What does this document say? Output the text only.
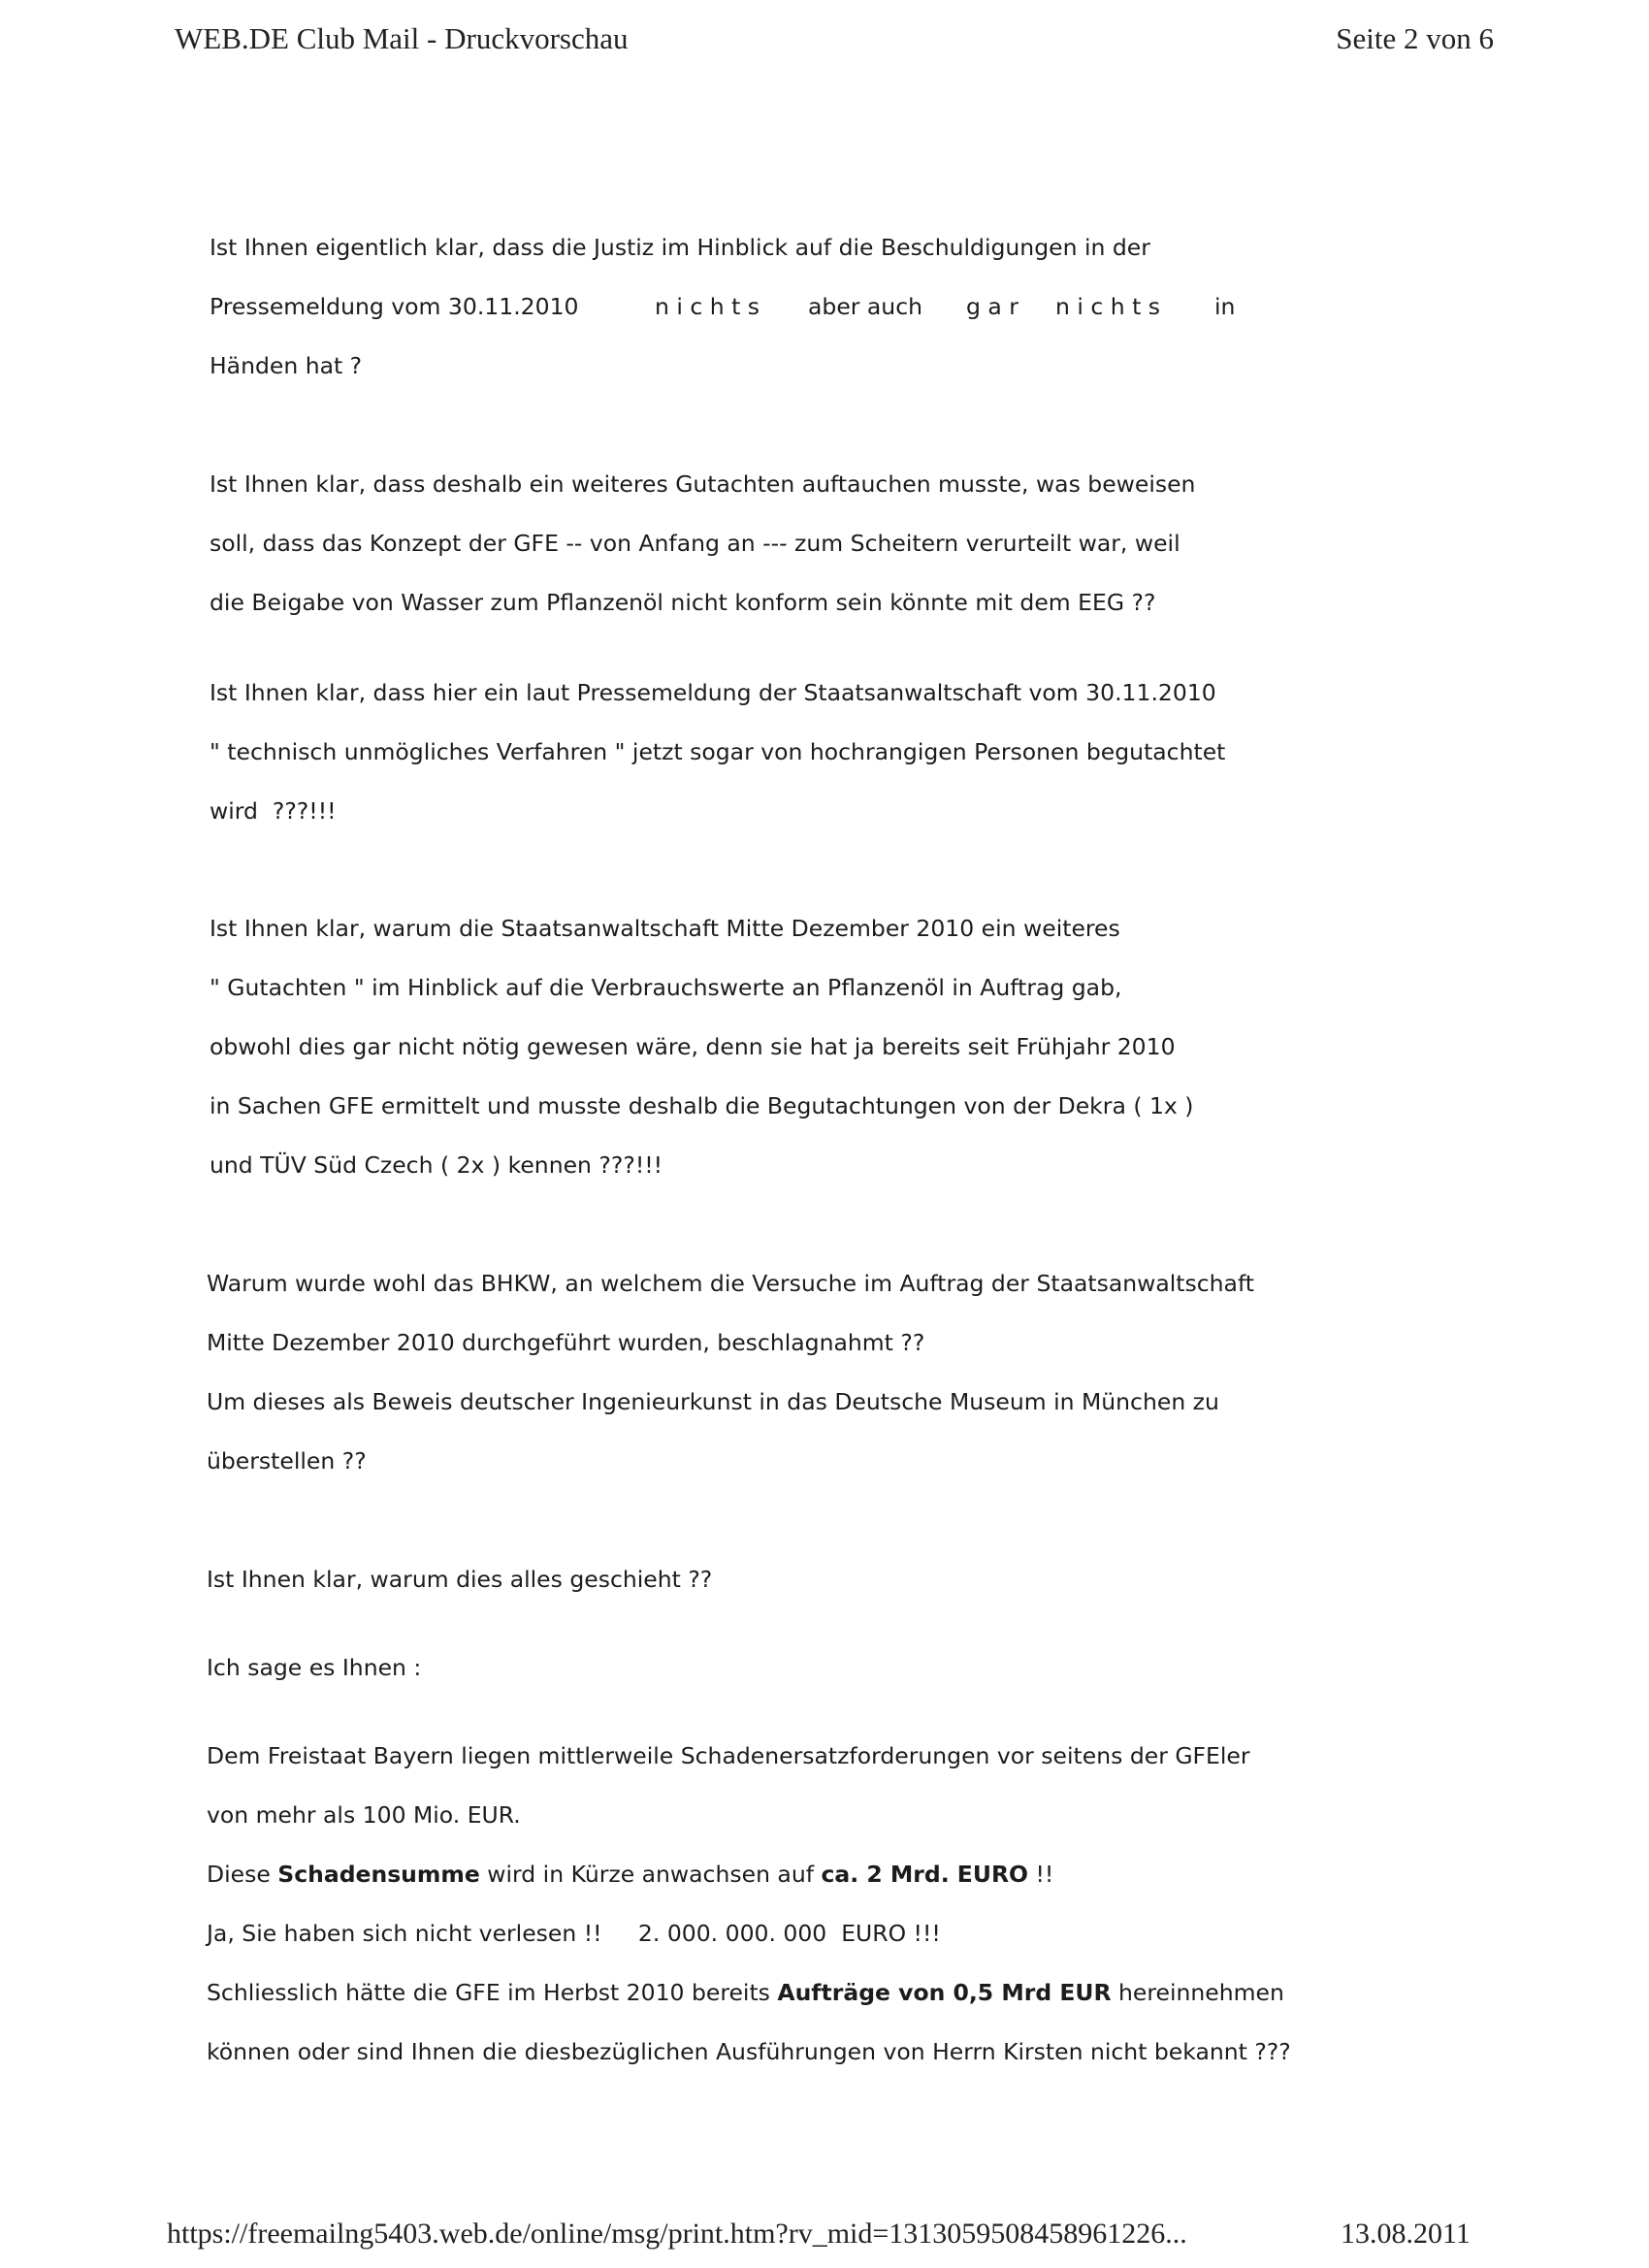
WEB.DE Club Mail - Druckvorschau	Seite 2 von 6
Ist Ihnen eigentlich klar, dass die Justiz im Hinblick auf die Beschuldigungen in der

Pressemeldung vom 30.11.2010

	n i c h t s

aber auch

g a r

n i c h t s

in

Händen hat ?
Ist Ihnen klar, dass deshalb ein weiteres Gutachten auftauchen musste, was beweisen
soll, dass das Konzept der GFE -- von Anfang an --- zum Scheitern verurteilt war, weil
die Beigabe von Wasser zum Pflanzenöl nicht konform sein könnte mit dem EEG ??
Ist Ihnen klar, dass hier ein laut Pressemeldung der Staatsanwaltschaft vom 30.11.2010
" technisch unmögliches Verfahren " jetzt sogar von hochrangigen Personen begutachtet
wird  ???!!!
Ist Ihnen klar, warum die Staatsanwaltschaft Mitte Dezember 2010 ein weiteres
" Gutachten " im Hinblick auf die Verbrauchswerte an Pflanzenöl in Auftrag gab,
obwohl dies gar nicht nötig gewesen wäre, denn sie hat ja bereits seit Frühjahr 2010
in Sachen GFE ermittelt und musste deshalb die Begutachtungen von der Dekra ( 1x )
und TÜV Süd Czech ( 2x ) kennen ???!!!
Warum wurde wohl das BHKW, an welchem die Versuche im Auftrag der Staatsanwaltschaft
Mitte Dezember 2010 durchgeführt wurden, beschlagnahmt ??
Um dieses als Beweis deutscher Ingenieurkunst in das Deutsche Museum in München zu
überstellen ??
Ist Ihnen klar, warum dies alles geschieht ??
Ich sage es Ihnen :
Dem Freistaat Bayern liegen mittlerweile Schadenersatzforderungen vor seitens der GFEler
von mehr als 100 Mio. EUR.
Diese Schadensumme wird in Kürze anwachsen auf ca. 2 Mrd. EURO !!
Ja, Sie haben sich nicht verlesen !!     2. 000. 000. 000  EURO !!!
Schliesslich hätte die GFE im Herbst 2010 bereits Aufträge von 0,5 Mrd EUR hereinnehmen
können oder sind Ihnen die diesbezüglichen Ausführungen von Herrn Kirsten nicht bekannt ???
https://freemailng5403.web.de/online/msg/print.htm?rv_mid=1313059508458961226...	13.08.2011
